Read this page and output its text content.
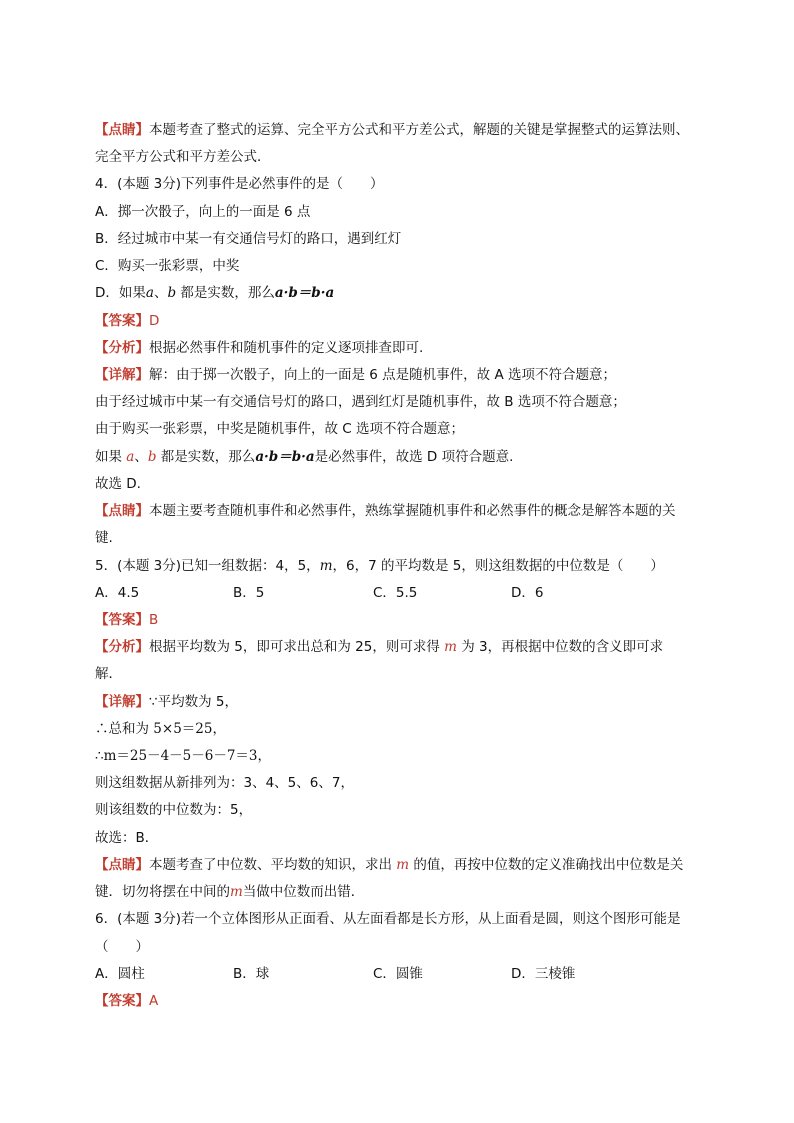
【点睛】本题考查了整式的运算、完全平方公式和平方差公式，解题的关键是掌握整式的运算法则、
完全平方公式和平方差公式．
4．(本题 3分)下列事件是必然事件的是（　　）
A．掷一次骰子，向上的一面是 6 点
B．经过城市中某一有交通信号灯的路口，遇到红灯
C．购买一张彩票，中奖
D．如果a、b 都是实数，那么a·b＝b·a
【答案】D
【分析】根据必然事件和随机事件的定义逐项排查即可.
【详解】解：由于掷一次骰子，向上的一面是 6 点是随机事件，故 A 选项不符合题意；
由于经过城市中某一有交通信号灯的路口，遇到红灯是随机事件，故 B 选项不符合题意；
由于购买一张彩票，中奖是随机事件，故 C 选项不符合题意；
如果 a、b 都是实数，那么a·b＝b·a是必然事件，故选 D 项符合题意.
故选 D.
【点睛】本题主要考查随机事件和必然事件，熟练掌握随机事件和必然事件的概念是解答本题的关
键.
5．(本题 3分)已知一组数据：4，5，m，6，7 的平均数是 5，则这组数据的中位数是（　　）
A．4.5	B．5	C．5.5	D．6
【答案】B
【分析】根据平均数为 5，即可求出总和为 25，则可求得 m 为 3，再根据中位数的含义即可求
解．
【详解】∵平均数为 5，
∴总和为 5×5＝25，
∴m＝25－4－5－6－7＝3，
则这组数据从新排列为：3、4、5、6、7，
则该组数的中位数为：5，
故选：B．
【点睛】本题考查了中位数、平均数的知识，求出 m 的值，再按中位数的定义准确找出中位数是关
键．切勿将摆在中间的m当做中位数而出错．
6．(本题 3分)若一个立体图形从正面看、从左面看都是长方形，从上面看是圆，则这个图形可能是
（　　）
A．圆柱	B．球	C．圆锥	D．三棱锥
【答案】A
